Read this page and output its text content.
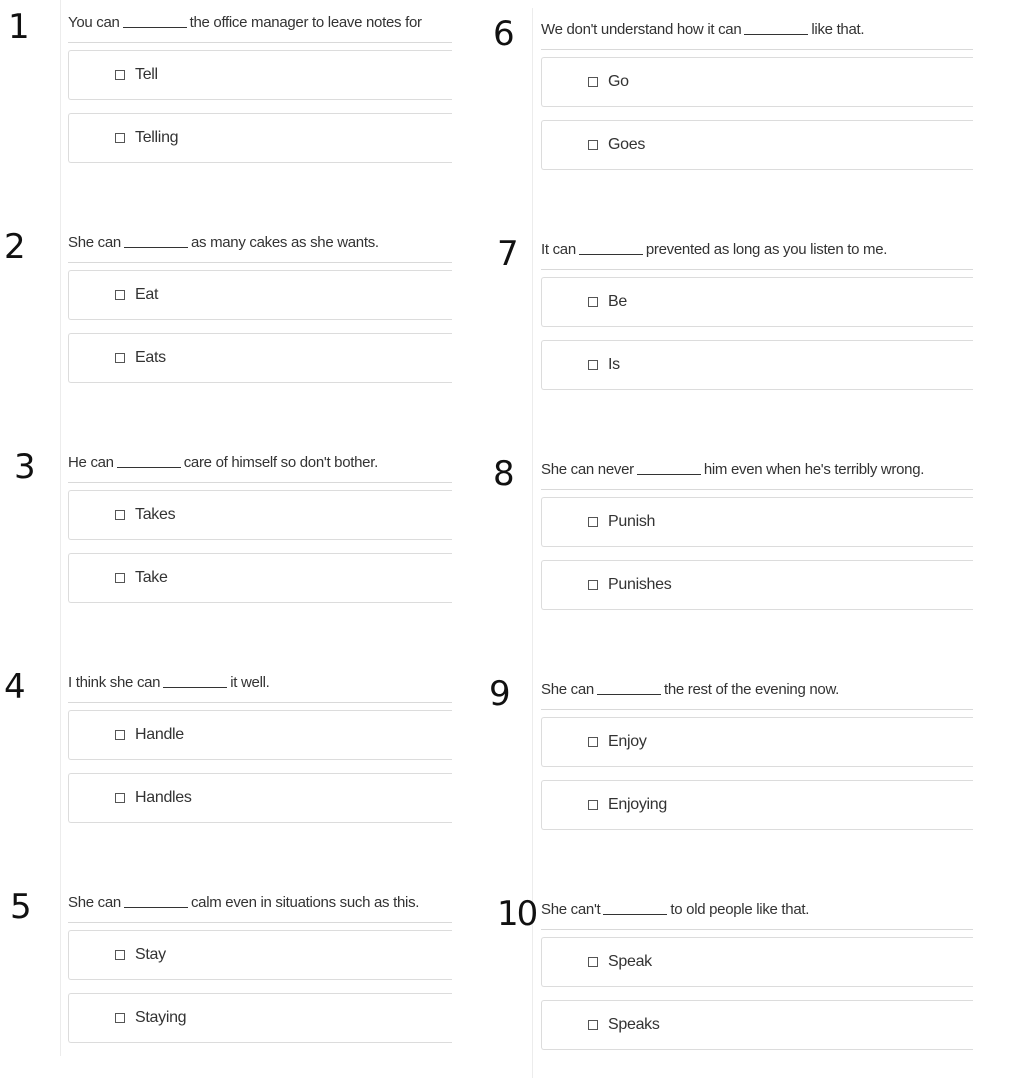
1	You can	the office manager to leave notes for
Tell
Telling
2	She can	as many cakes as she wants.
Eat
Eats
3 He can	care of himself so don't bother.
Takes
Take
4	I think she can	it well.
Handle
Handles
5 She can	calm even in situations such as this.
Stay
Staying
6 We don't understand how it can	like that.
Go
Goes
7 It can	prevented as long as you listen to me.
Be
Is
8 She can never	him even when he's terribly wrong.
Punish
Punishes
9 She can	the rest of the evening now.
Enjoy
Enjoying
10 She can't	to old people like that.
Speak
Speaks
